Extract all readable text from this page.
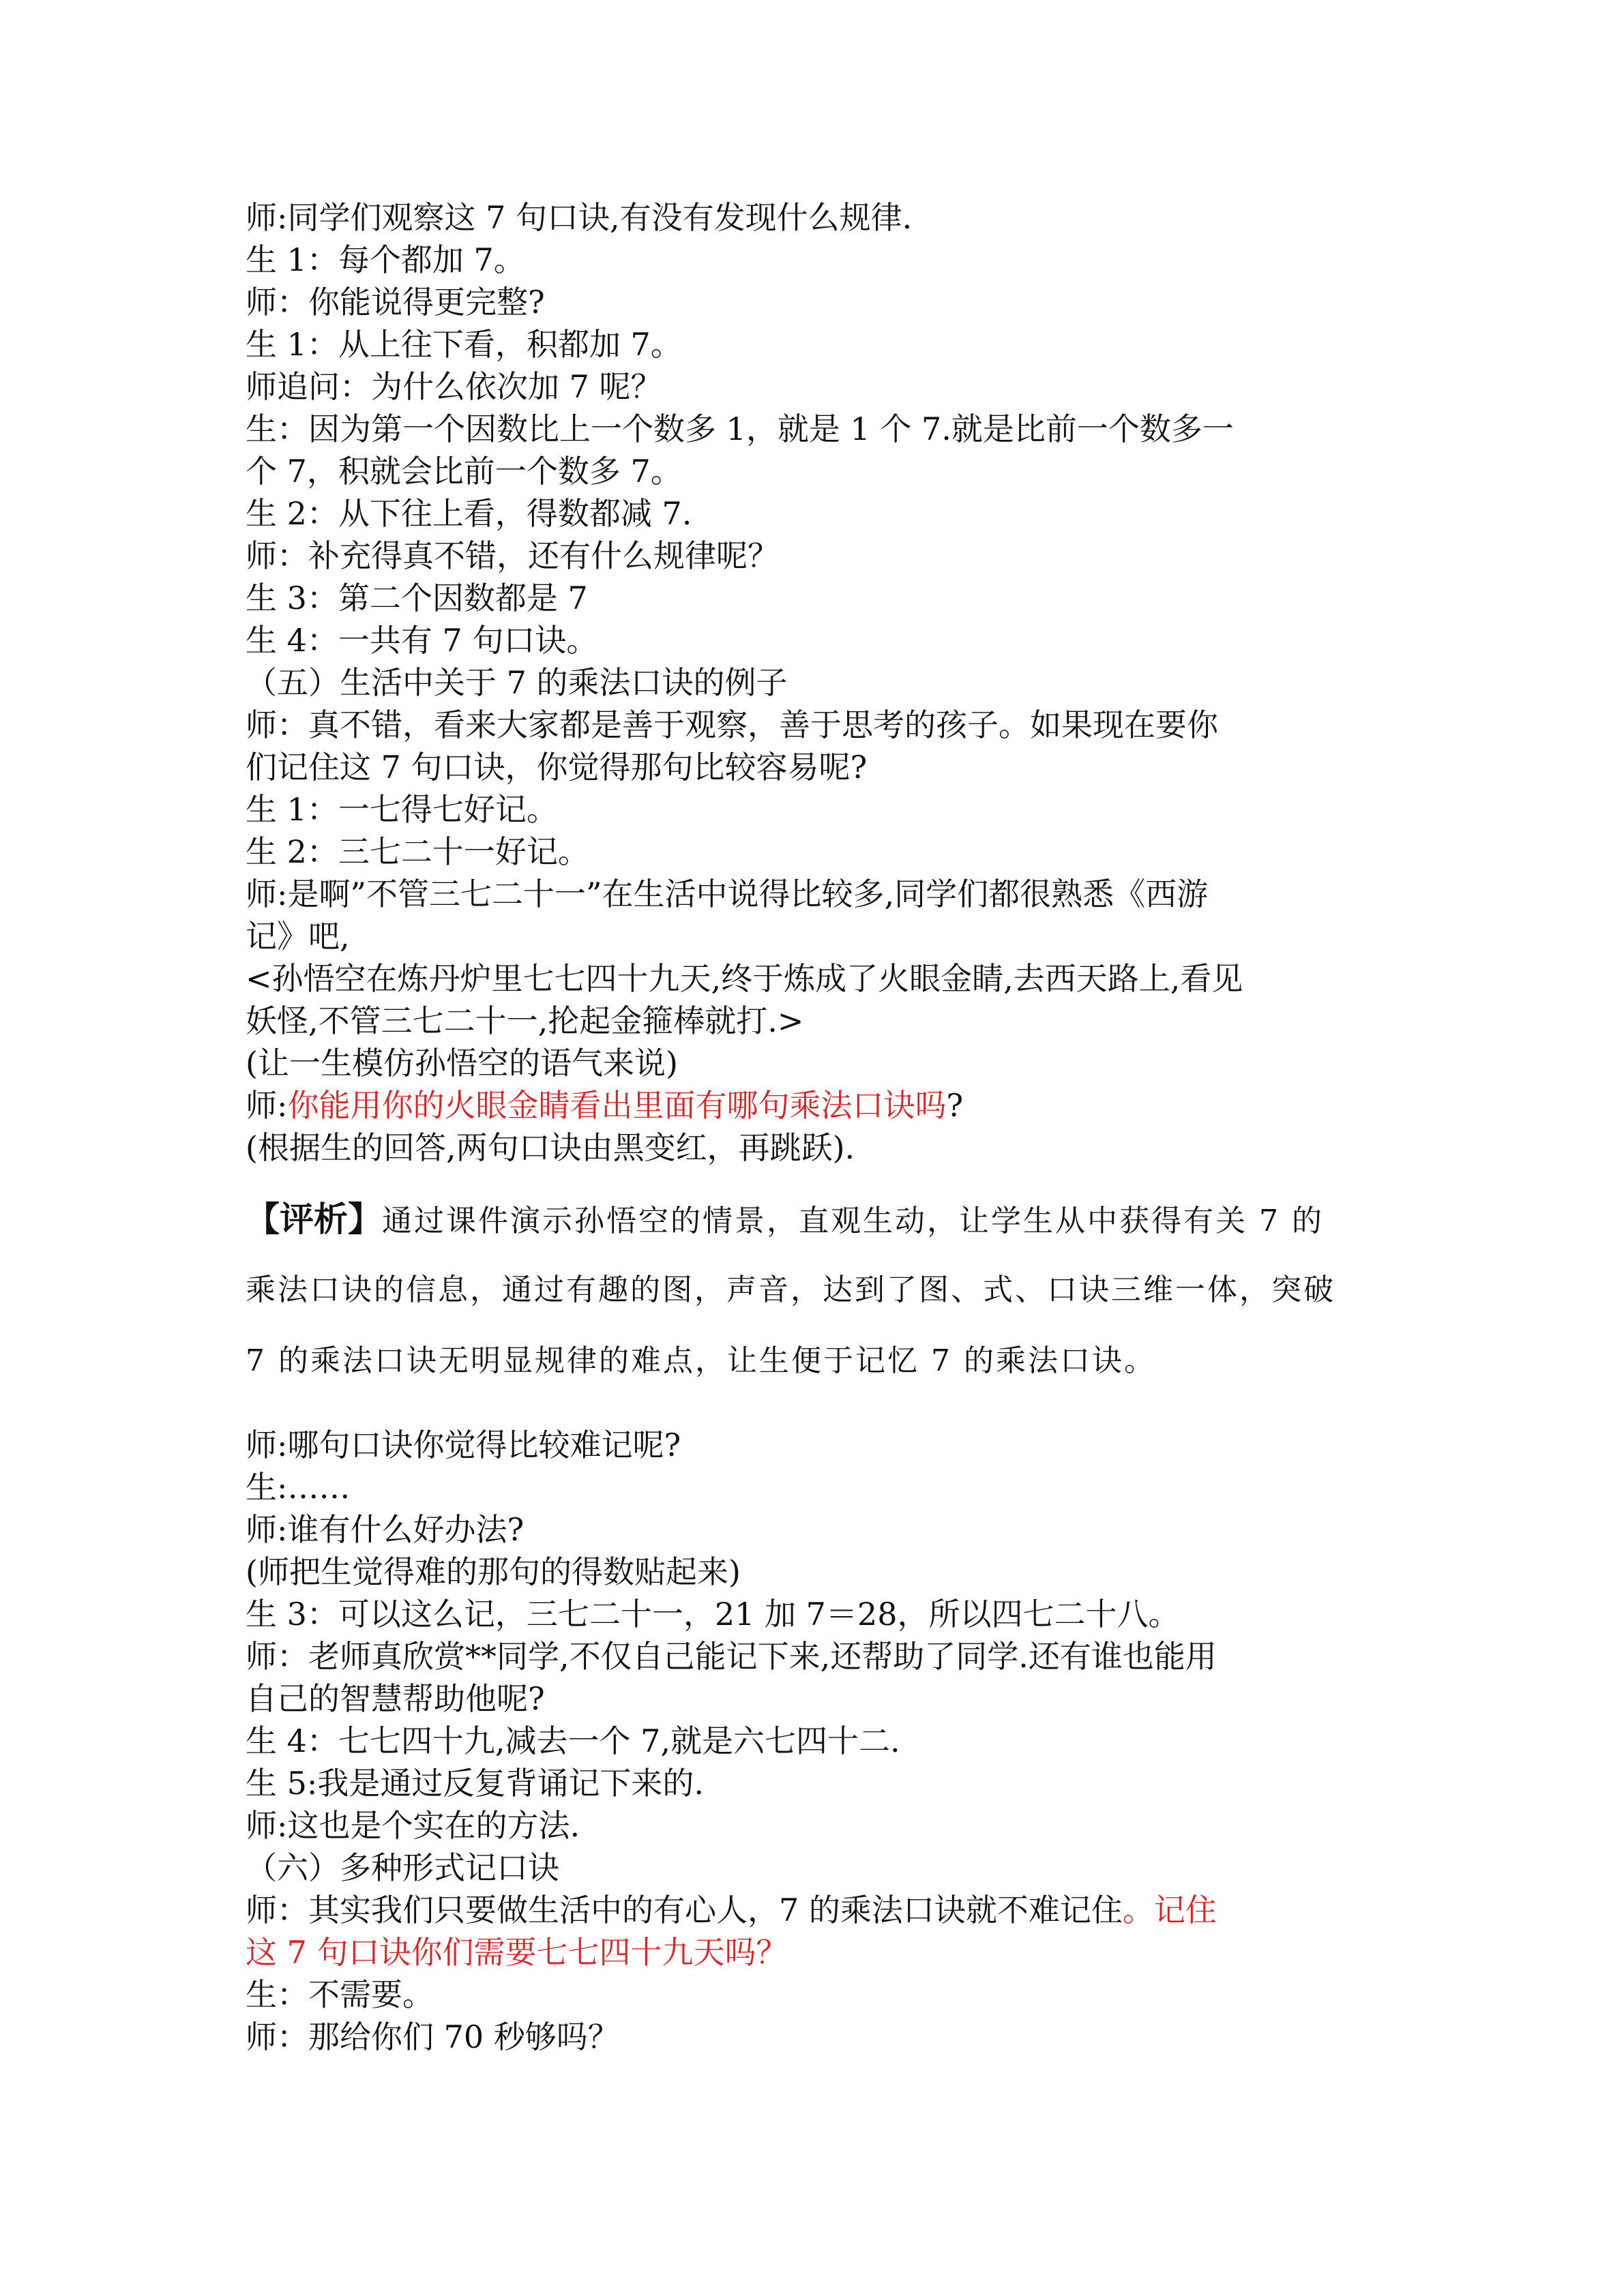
师:同学们观察这 7 句口诀,有没有发现什么规律.
生 1：每个都加 7。
师：你能说得更完整?
生 1：从上往下看，积都加 7。
师追问：为什么依次加 7 呢？
生：因为第一个因数比上一个数多 1，就是 1 个 7.就是比前一个数多一
个 7，积就会比前一个数多 7。
生 2：从下往上看，得数都减 7.
师：补充得真不错，还有什么规律呢？
生 3：第二个因数都是 7
生 4：一共有 7 句口诀。
（五）生活中关于 7 的乘法口诀的例子
师：真不错，看来大家都是善于观察，善于思考的孩子。如果现在要你
们记住这 7 句口诀，你觉得那句比较容易呢?
生 1：一七得七好记。
生 2：三七二十一好记。
师:是啊”不管三七二十一”在生活中说得比较多,同学们都很熟悉《西游
记》吧,
<孙悟空在炼丹炉里七七四十九天,终于炼成了火眼金睛,去西天路上,看见
妖怪,不管三七二十一,抡起金箍棒就打.>
(让一生模仿孙悟空的语气来说)
师:你能用你的火眼金睛看出里面有哪句乘法口诀吗?
(根据生的回答,两句口诀由黑变红，再跳跃).
【评析】通过课件演示孙悟空的情景，直观生动，让学生从中获得有关 7 的
乘法口诀的信息，通过有趣的图，声音，达到了图、式、口诀三维一体，突破
7 的乘法口诀无明显规律的难点，让生便于记忆 7 的乘法口诀。
师:哪句口诀你觉得比较难记呢?
生:……
师:谁有什么好办法?
(师把生觉得难的那句的得数贴起来)
生 3：可以这么记，三七二十一，21 加 7＝28，所以四七二十八。
师：老师真欣赏**同学,不仅自己能记下来,还帮助了同学.还有谁也能用
自己的智慧帮助他呢?
生 4：七七四十九,减去一个 7,就是六七四十二.
生 5:我是通过反复背诵记下来的.
师:这也是个实在的方法.
（六）多种形式记口诀
师：其实我们只要做生活中的有心人，7 的乘法口诀就不难记住。记住
这 7 句口诀你们需要七七四十九天吗？
生：不需要。
师：那给你们 70 秒够吗？
